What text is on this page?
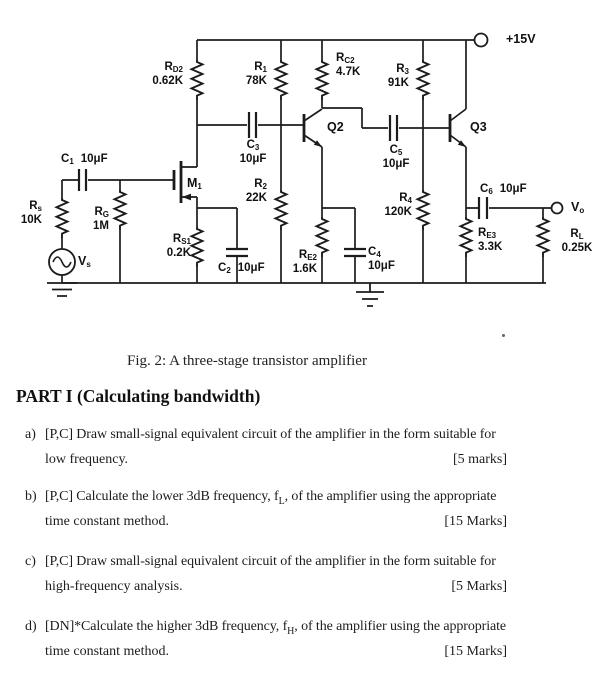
$R_{D2}$
0.62K
$R_1$
78K
$R_{C2}$
4.7K	$R_3$
91K
+15V
$C_1$ 10μF
$C_3$
10μF
$C_5$
10μF
Q2	Q3
$M_1$	$R_2$
22K
$R_G$
1M
$R_s$
10K
$R_{S1}$
0.2K
$C_2$ 10μF
$R_{E2}$
1.6K
$C_4$
10μF
$R_4$
120K
$R_{E3}$
3.3K
$R_L$
0.25K
$C_6$ 10μF
$V_o$
$V_s$
Fig. 2: A three-stage transistor amplifier
PART I (Calculating bandwidth)
a) [P,C] Draw small-signal equivalent circuit of the amplifier in the form suitable for
low frequency.	[5 marks]
b) [P,C] Calculate the lower 3dB frequency, $f_L$, of the amplifier using the appropriate
time constant method.	[15 Marks]
c) [P,C] Draw small-signal equivalent circuit of the amplifier in the form suitable for
high-frequency analysis.	[5 Marks]
d) [DN]*Calculate the higher 3dB frequency, $f_H$, of the amplifier using the appropriate
time constant method.	[15 Marks]
